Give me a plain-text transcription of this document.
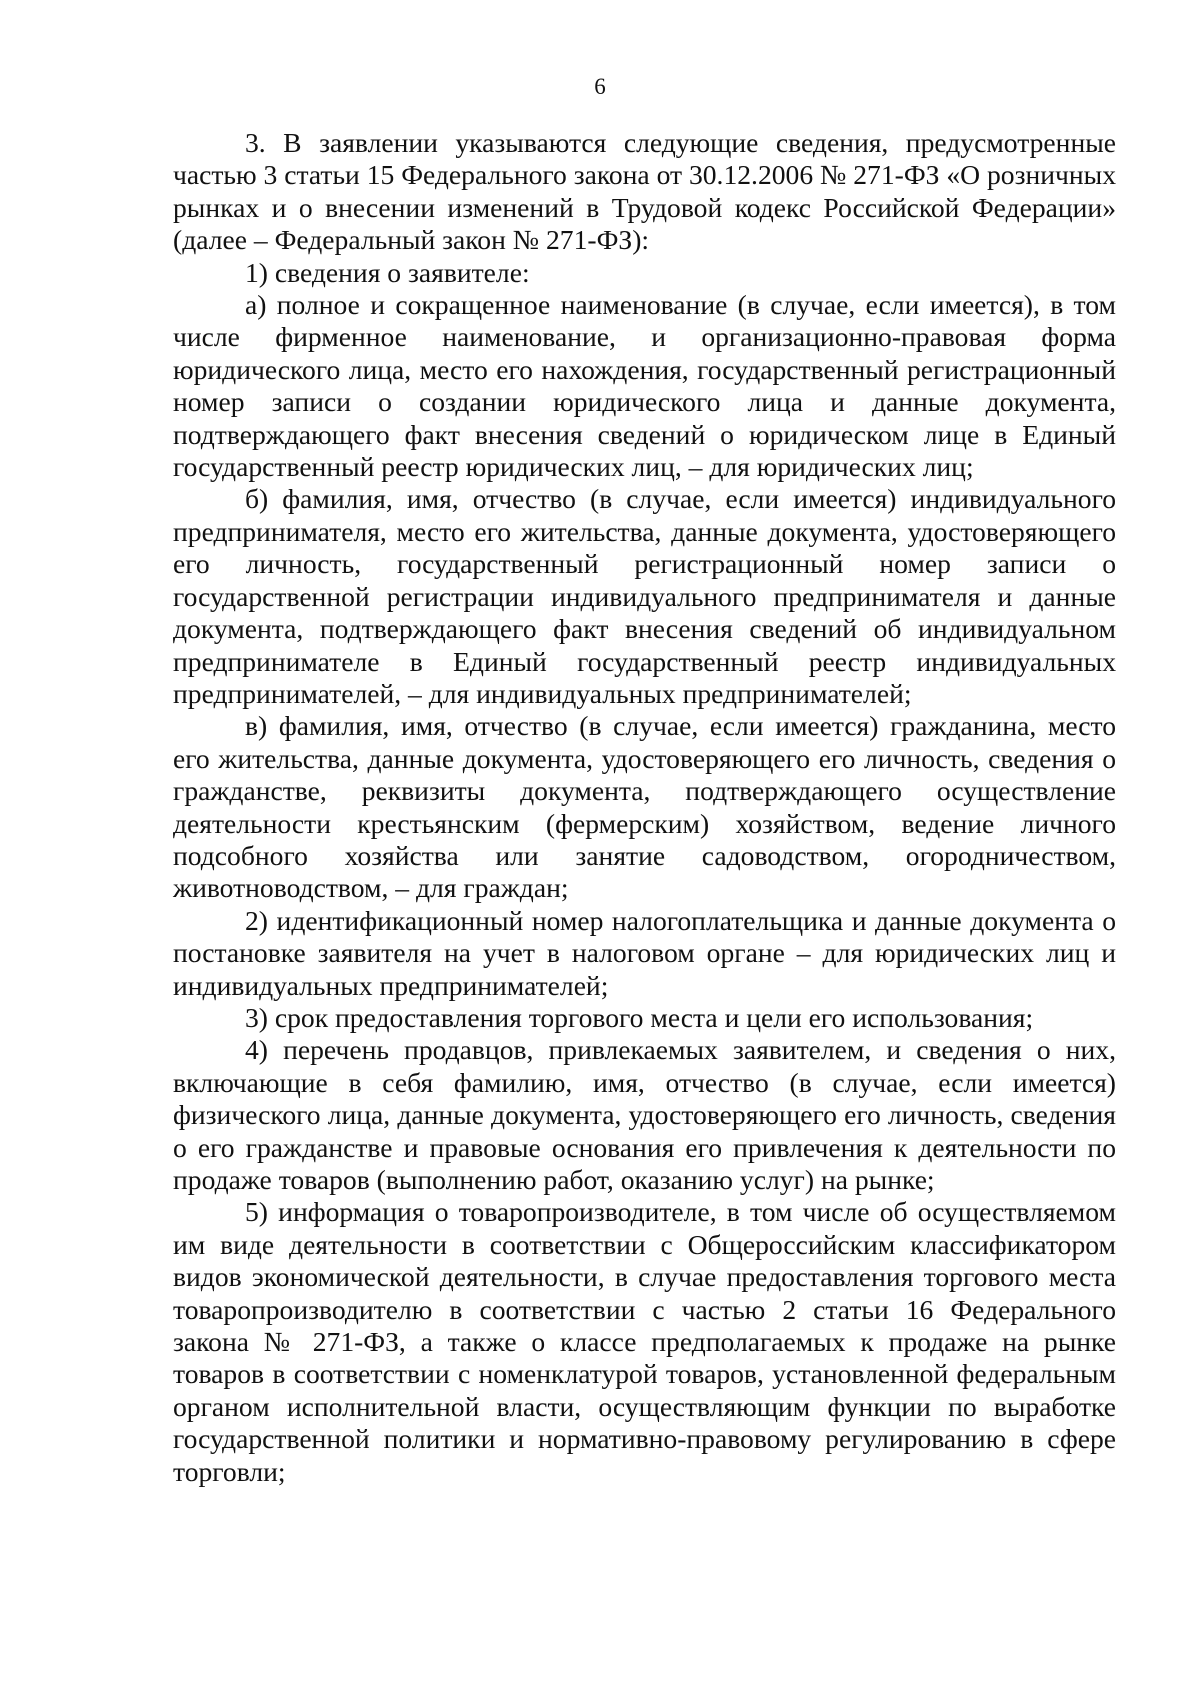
6

3. В заявлении указываются следующие сведения, предусмотренные частью 3 статьи 15 Федерального закона от 30.12.2006 № 271-ФЗ «О розничных рынках и о внесении изменений в Трудовой кодекс Российской Федерации» (далее – Федеральный закон № 271-ФЗ):

1) сведения о заявителе:

а) полное и сокращенное наименование (в случае, если имеется), в том числе фирменное наименование, и организационно-правовая форма юридического лица, место его нахождения, государственный регистрационный номер записи о создании юридического лица и данные документа, подтверждающего факт внесения сведений о юридическом лице в Единый государственный реестр юридических лиц, – для юридических лиц;

б) фамилия, имя, отчество (в случае, если имеется) индивидуального предпринимателя, место его жительства, данные документа, удостоверяющего его личность, государственный регистрационный номер записи о государственной регистрации индивидуального предпринимателя и данные документа, подтверждающего факт внесения сведений об индивидуальном предпринимателе в Единый государственный реестр индивидуальных предпринимателей, – для индивидуальных предпринимателей;

в) фамилия, имя, отчество (в случае, если имеется) гражданина, место его жительства, данные документа, удостоверяющего его личность, сведения о гражданстве, реквизиты документа, подтверждающего осуществление деятельности крестьянским (фермерским) хозяйством, ведение личного подсобного хозяйства или занятие садоводством, огородничеством, животноводством, – для граждан;

2) идентификационный номер налогоплательщика и данные документа о постановке заявителя на учет в налоговом органе – для юридических лиц и индивидуальных предпринимателей;

3) срок предоставления торгового места и цели его использования;

4) перечень продавцов, привлекаемых заявителем, и сведения о них, включающие в себя фамилию, имя, отчество (в случае, если имеется) физического лица, данные документа, удостоверяющего его личность, сведения о его гражданстве и правовые основания его привлечения к деятельности по продаже товаров (выполнению работ, оказанию услуг) на рынке;

5) информация о товаропроизводителе, в том числе об осуществляемом им виде деятельности в соответствии с Общероссийским классификатором видов экономической деятельности, в случае предоставления торгового места товаропроизводителю в соответствии с частью 2 статьи 16 Федерального закона № 271-ФЗ, а также о классе предполагаемых к продаже на рынке товаров в соответствии с номенклатурой товаров, установленной федеральным органом исполнительной власти, осуществляющим функции по выработке государственной политики и нормативно-правовому регулированию в сфере торговли;
